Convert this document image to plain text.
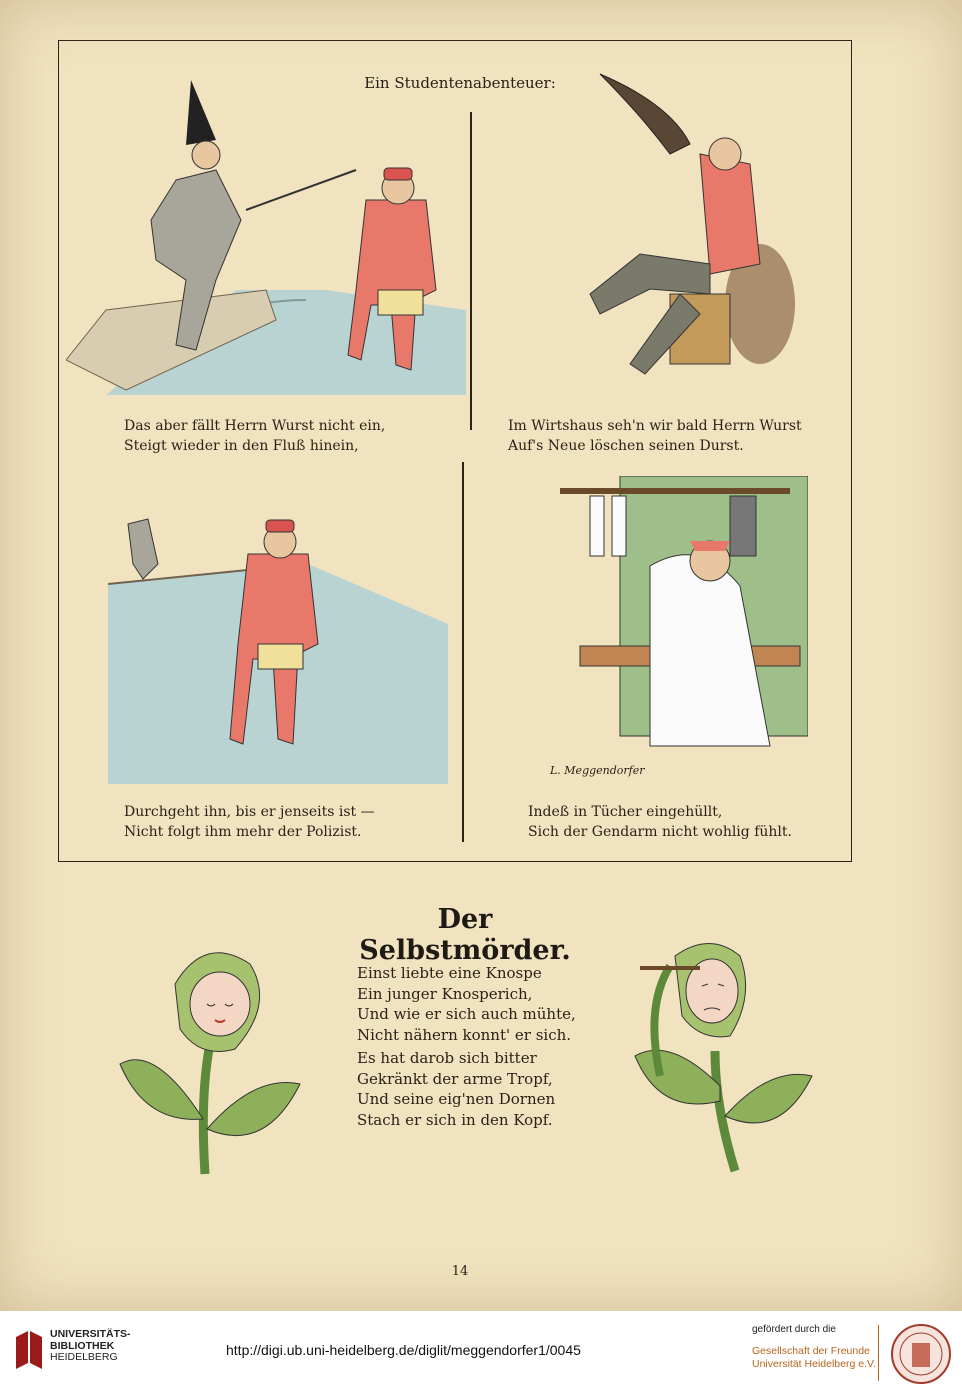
Ein Studentenabenteuer:
Das aber fällt Herrn Wurst nicht ein,
Steigt wieder in den Fluß hinein,
Im Wirtshaus seh'n wir bald Herrn Wurst
Auf's Neue löschen seinen Durst.
L. Meggendorfer
Durchgeht ihn, bis er jenseits ist —
Nicht folgt ihm mehr der Polizist.
Indeß in Tücher eingehüllt,
Sich der Gendarm nicht wohlig fühlt.
Der Selbstmörder.
Einst liebte eine Knospe
Ein junger Knosperich,
Und wie er sich auch mühte,
Nicht nähern konnt' er sich.
Es hat darob sich bitter
Gekränkt der arme Tropf,
Und seine eig'nen Dornen
Stach er sich in den Kopf.
14
UNIVERSITÄTS-
BIBLIOTHEK
HEIDELBERG	http://digi.ub.uni-heidelberg.de/diglit/meggendorfer1/0045
gefördert durch die
Gesellschaft der Freunde
Universität Heidelberg e.V.
